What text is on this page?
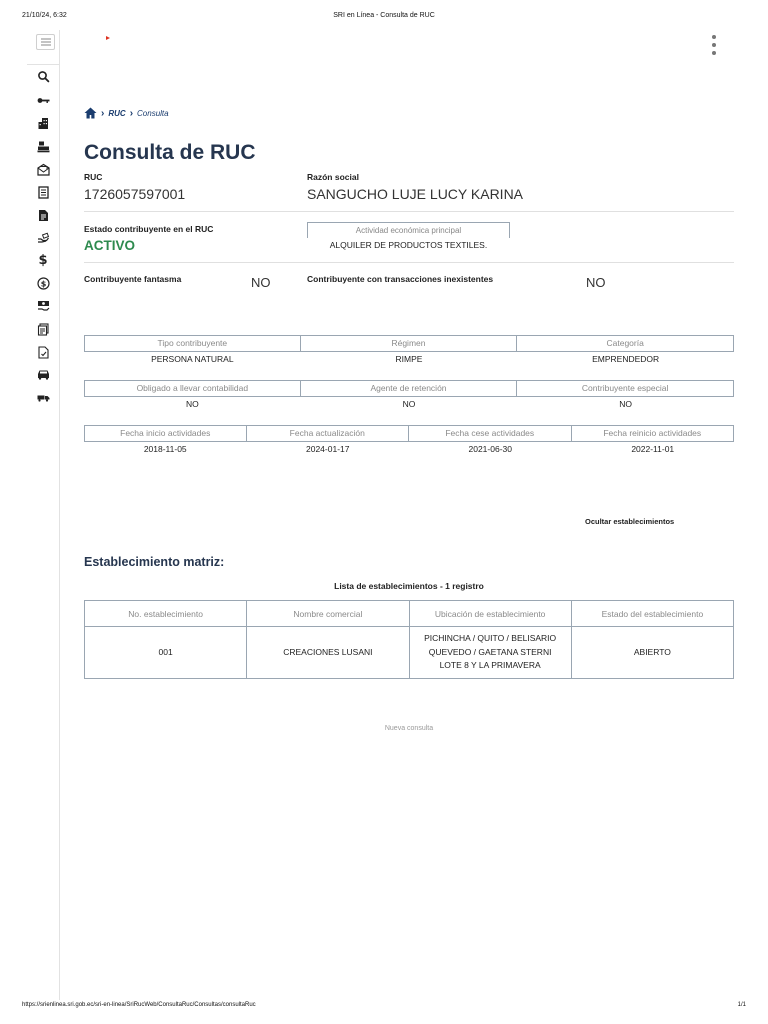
21/10/24, 6:32	SRI en Línea - Consulta de RUC
$
$
› RUC › Consulta
Consulta de RUC
RUC
1726057597001
Razón social
SANGUCHO LUJE LUCY KARINA
Estado contribuyente en el RUC
ACTIVO
Actividad económica principal
ALQUILER DE PRODUCTOS TEXTILES.
Contribuyente fantasma	NO	Contribuyente con transacciones inexistentes	NO
Tipo contribuyente	Régimen	Categoría
PERSONA NATURAL	RIMPE	EMPRENDEDOR
Obligado a llevar contabilidad	Agente de retención	Contribuyente especial
NO	NO	NO
Fecha inicio actividades	Fecha actualización	Fecha cese actividades	Fecha reinicio actividades
2018-11-05	2024-01-17	2021-06-30	2022-11-01
Ocultar establecimientos
Establecimiento matriz:
Lista de establecimientos - 1 registro
No. establecimiento	Nombre comercial	Ubicación de establecimiento	Estado del establecimiento
001	CREACIONES LUSANI	PICHINCHA / QUITO / BELISARIO QUEVEDO / GAETANA STERNI LOTE 8 Y LA PRIMAVERA	ABIERTO
Nueva consulta
https://srienlinea.sri.gob.ec/sri-en-linea/SriRucWeb/ConsultaRuc/Consultas/consultaRuc	1/1
